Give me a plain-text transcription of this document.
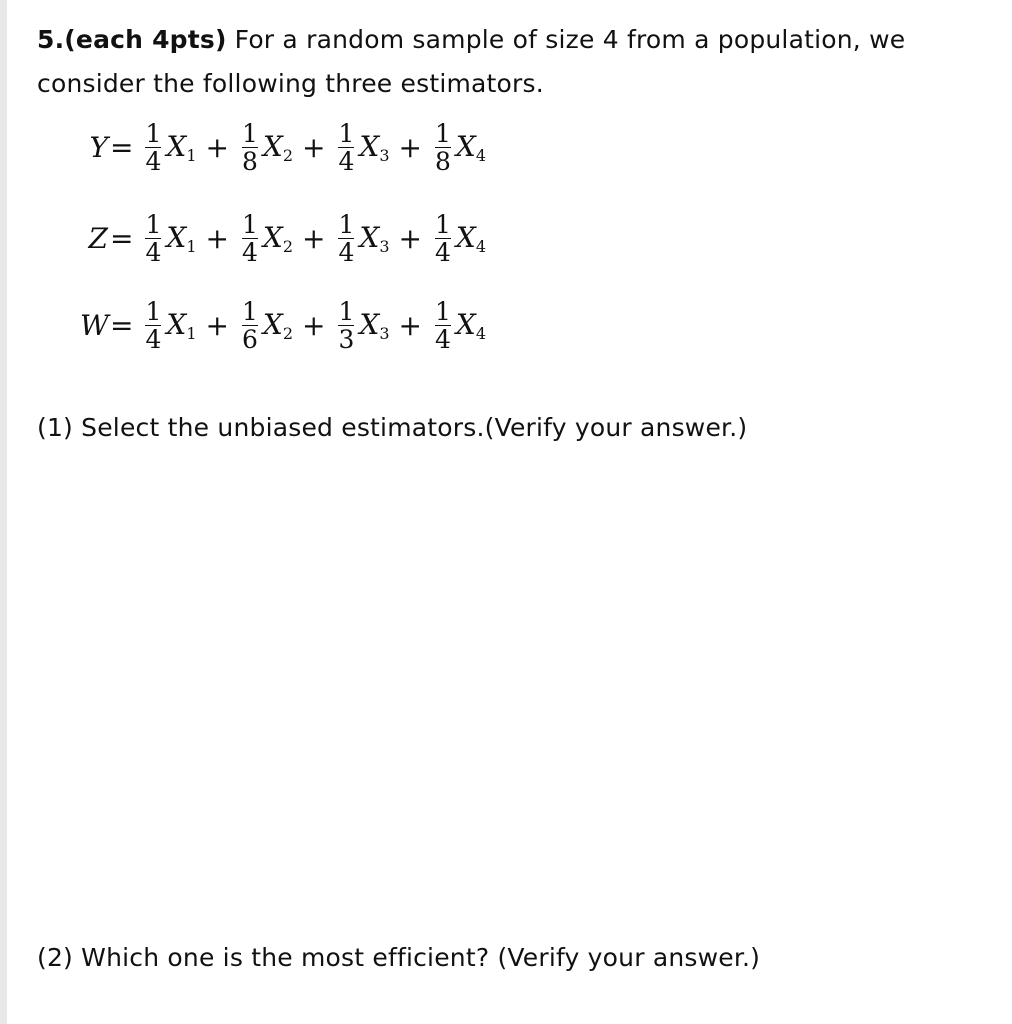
5.(each 4pts) For a random sample of size 4 from a population, we
consider the following three estimators.
$Y = \frac{1}{4} X_1 + \frac{1}{8} X_2 + \frac{1}{4} X_3 + \frac{1}{8} X_4$
$Z = \frac{1}{4} X_1 + \frac{1}{4} X_2 + \frac{1}{4} X_3 + \frac{1}{4} X_4$
$W = \frac{1}{4} X_1 + \frac{1}{6} X_2 + \frac{1}{3} X_3 + \frac{1}{4} X_4$
(1) Select the unbiased estimators.(Verify your answer.)
(2) Which one is the most efficient? (Verify your answer.)
